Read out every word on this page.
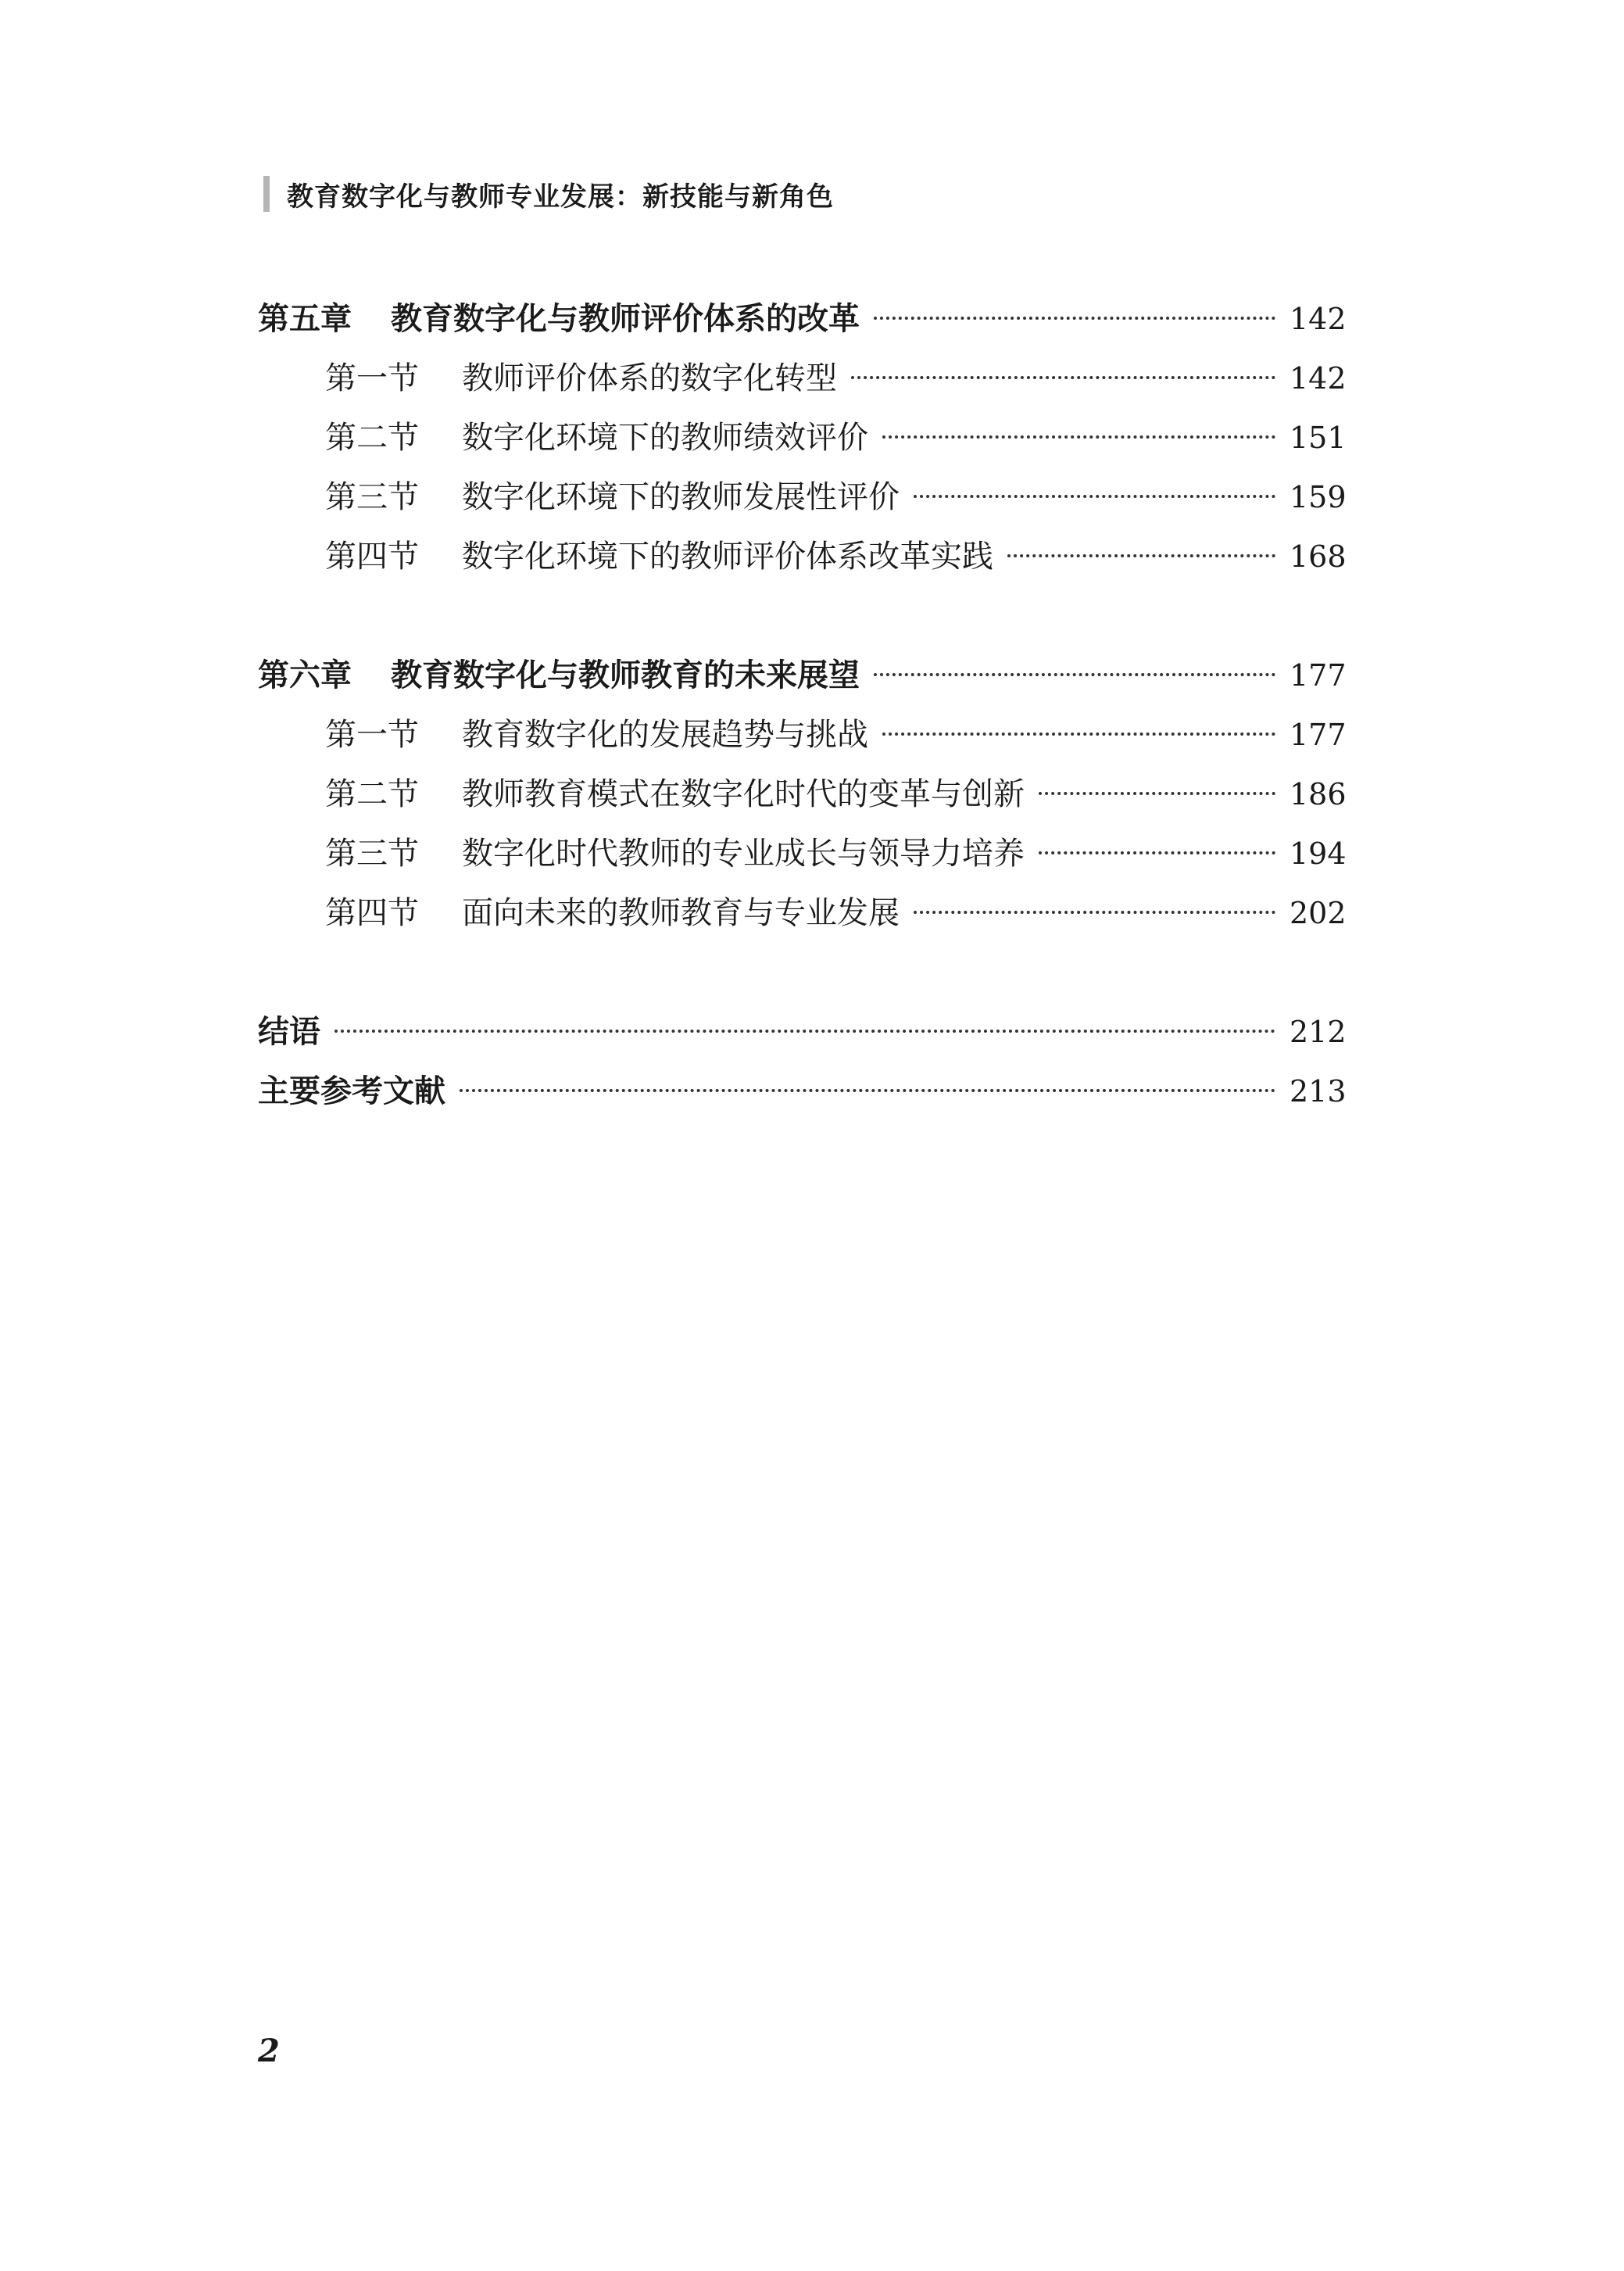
教育数字化与教师专业发展：新技能与新角色
第五章	教育数字化与教师评价体系的改革	142
第一节	教师评价体系的数字化转型	142
第二节	数字化环境下的教师绩效评价	151
第三节	数字化环境下的教师发展性评价	159
第四节	数字化环境下的教师评价体系改革实践	168
第六章	教育数字化与教师教育的未来展望	177
第一节	教育数字化的发展趋势与挑战	177
第二节	教师教育模式在数字化时代的变革与创新	186
第三节	数字化时代教师的专业成长与领导力培养	194
第四节	面向未来的教师教育与专业发展	202
结语	212
主要参考文献	213
2
